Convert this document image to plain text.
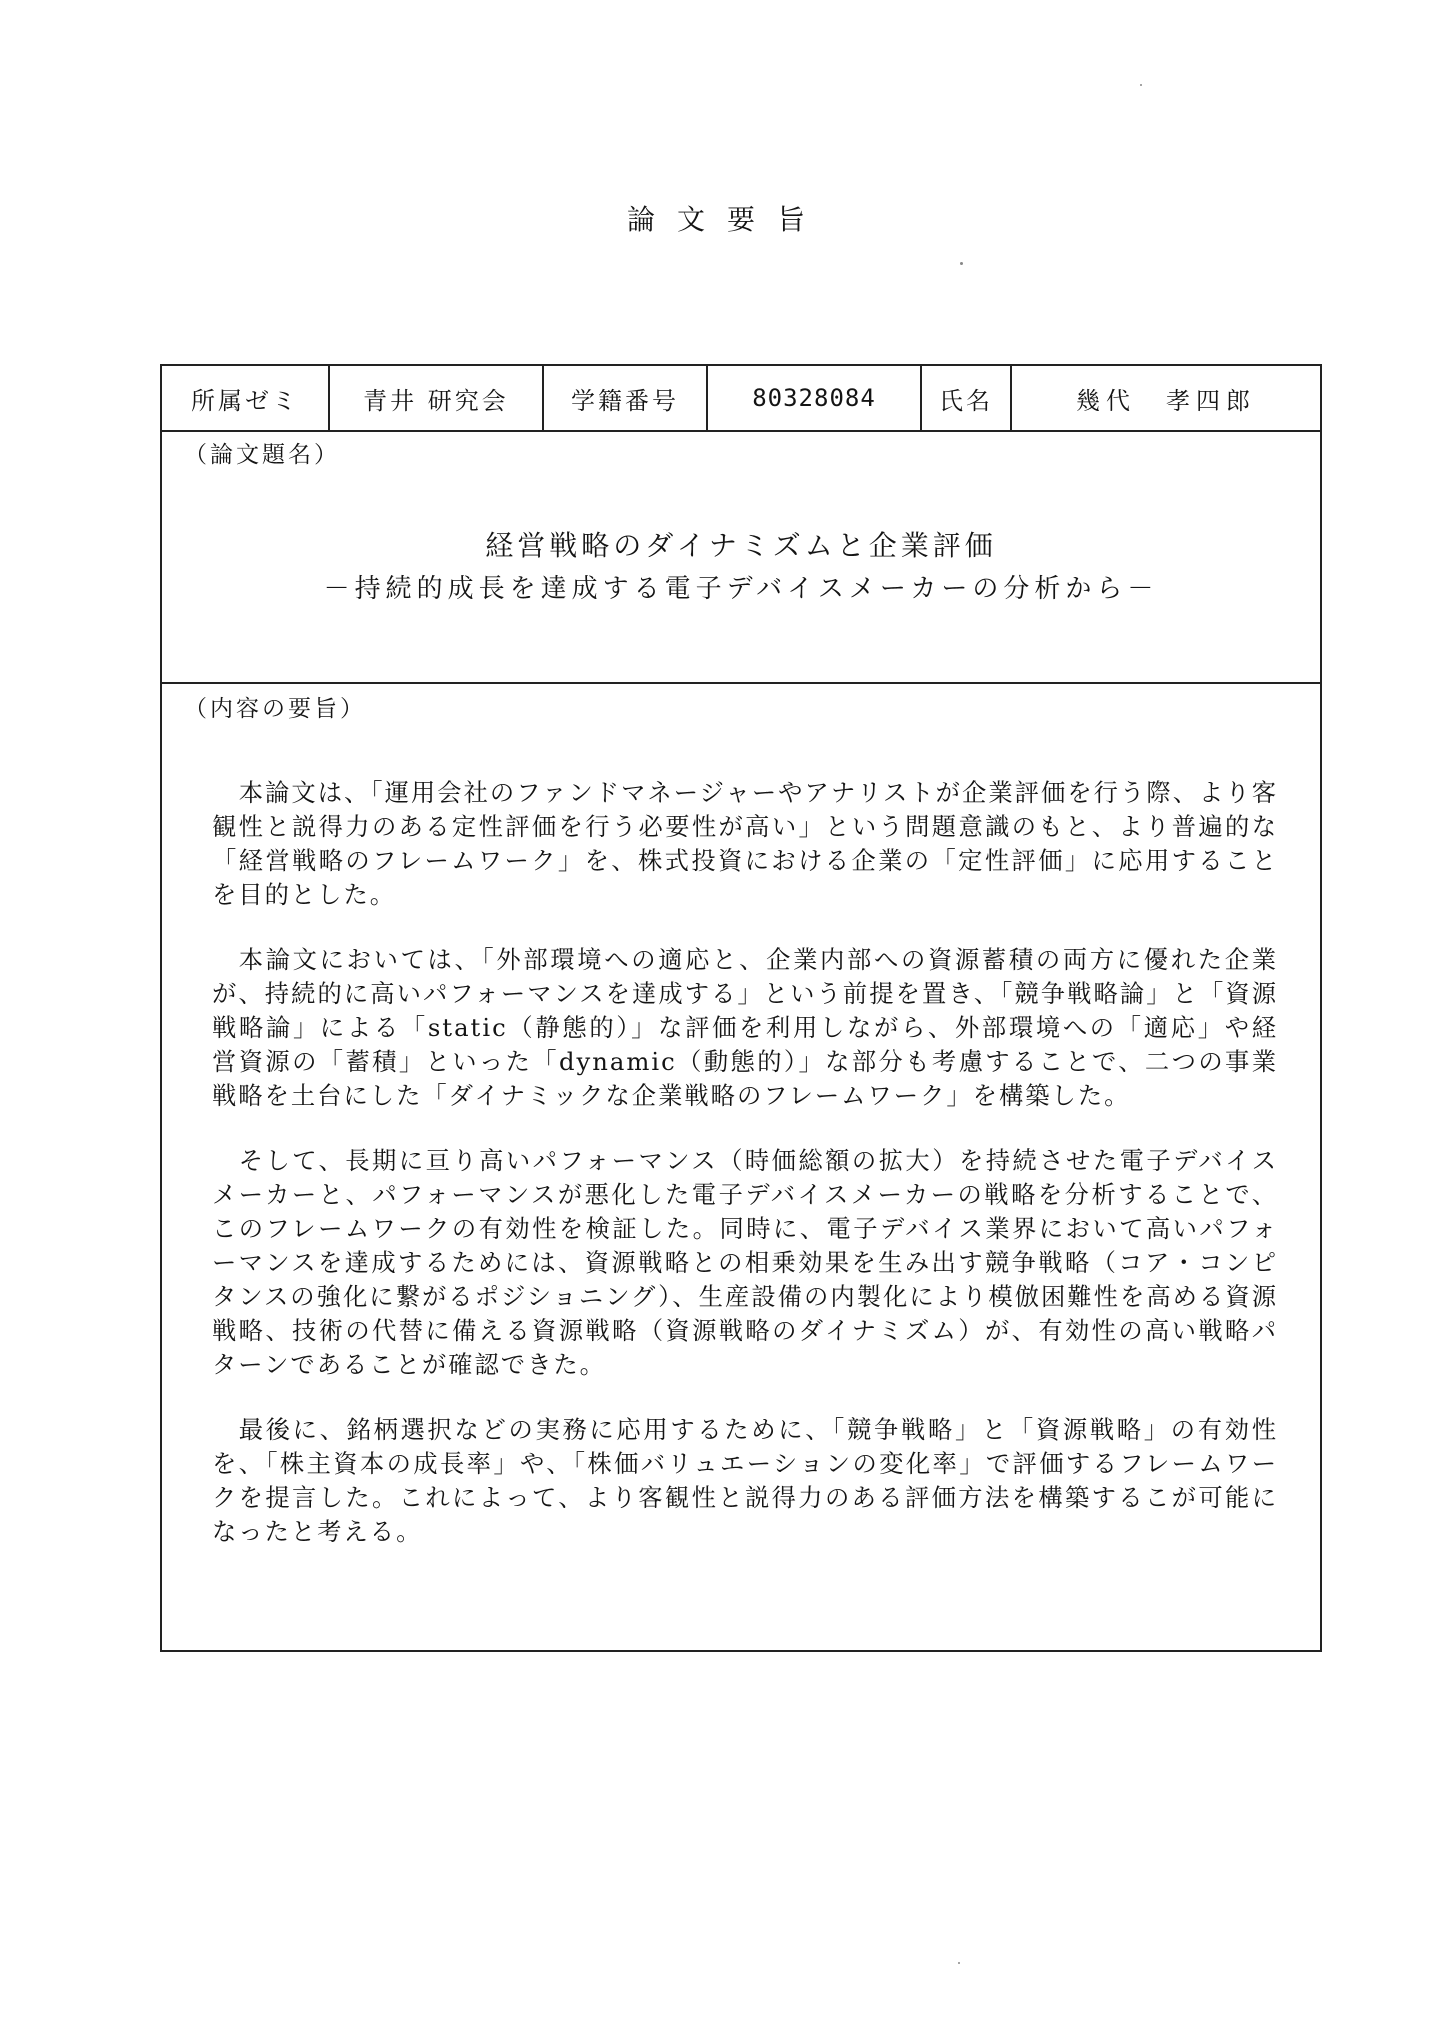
論文要旨
所属ゼミ	青井 研究会	学籍番号	80328084	氏名	幾代　孝四郎
（論文題名）
経営戦略のダイナミズムと企業評価
－持続的成長を達成する電子デバイスメーカーの分析から－
（内容の要旨）

本論文は、「運用会社のファンドマネージャーやアナリストが企業評価を行う際、より客観性と説得力のある定性評価を行う必要性が高い」という問題意識のもと、より普遍的な「経営戦略のフレームワーク」を、株式投資における企業の「定性評価」に応用することを目的とした。

本論文においては、「外部環境への適応と、企業内部への資源蓄積の両方に優れた企業が、持続的に高いパフォーマンスを達成する」という前提を置き、「競争戦略論」と「資源戦略論」による「static（静態的）」な評価を利用しながら、外部環境への「適応」や経営資源の「蓄積」といった「dynamic（動態的）」な部分も考慮することで、二つの事業戦略を土台にした「ダイナミックな企業戦略のフレームワーク」を構築した。

そして、長期に亘り高いパフォーマンス（時価総額の拡大）を持続させた電子デバイスメーカーと、パフォーマンスが悪化した電子デバイスメーカーの戦略を分析することで、このフレームワークの有効性を検証した。同時に、電子デバイス業界において高いパフォーマンスを達成するためには、資源戦略との相乗効果を生み出す競争戦略（コア・コンピタンスの強化に繋がるポジショニング）、生産設備の内製化により模倣困難性を高める資源戦略、技術の代替に備える資源戦略（資源戦略のダイナミズム）が、有効性の高い戦略パターンであることが確認できた。

最後に、銘柄選択などの実務に応用するために、「競争戦略」と「資源戦略」の有効性を、「株主資本の成長率」や、「株価バリュエーションの変化率」で評価するフレームワークを提言した。これによって、より客観性と説得力のある評価方法を構築するこが可能になったと考える。
